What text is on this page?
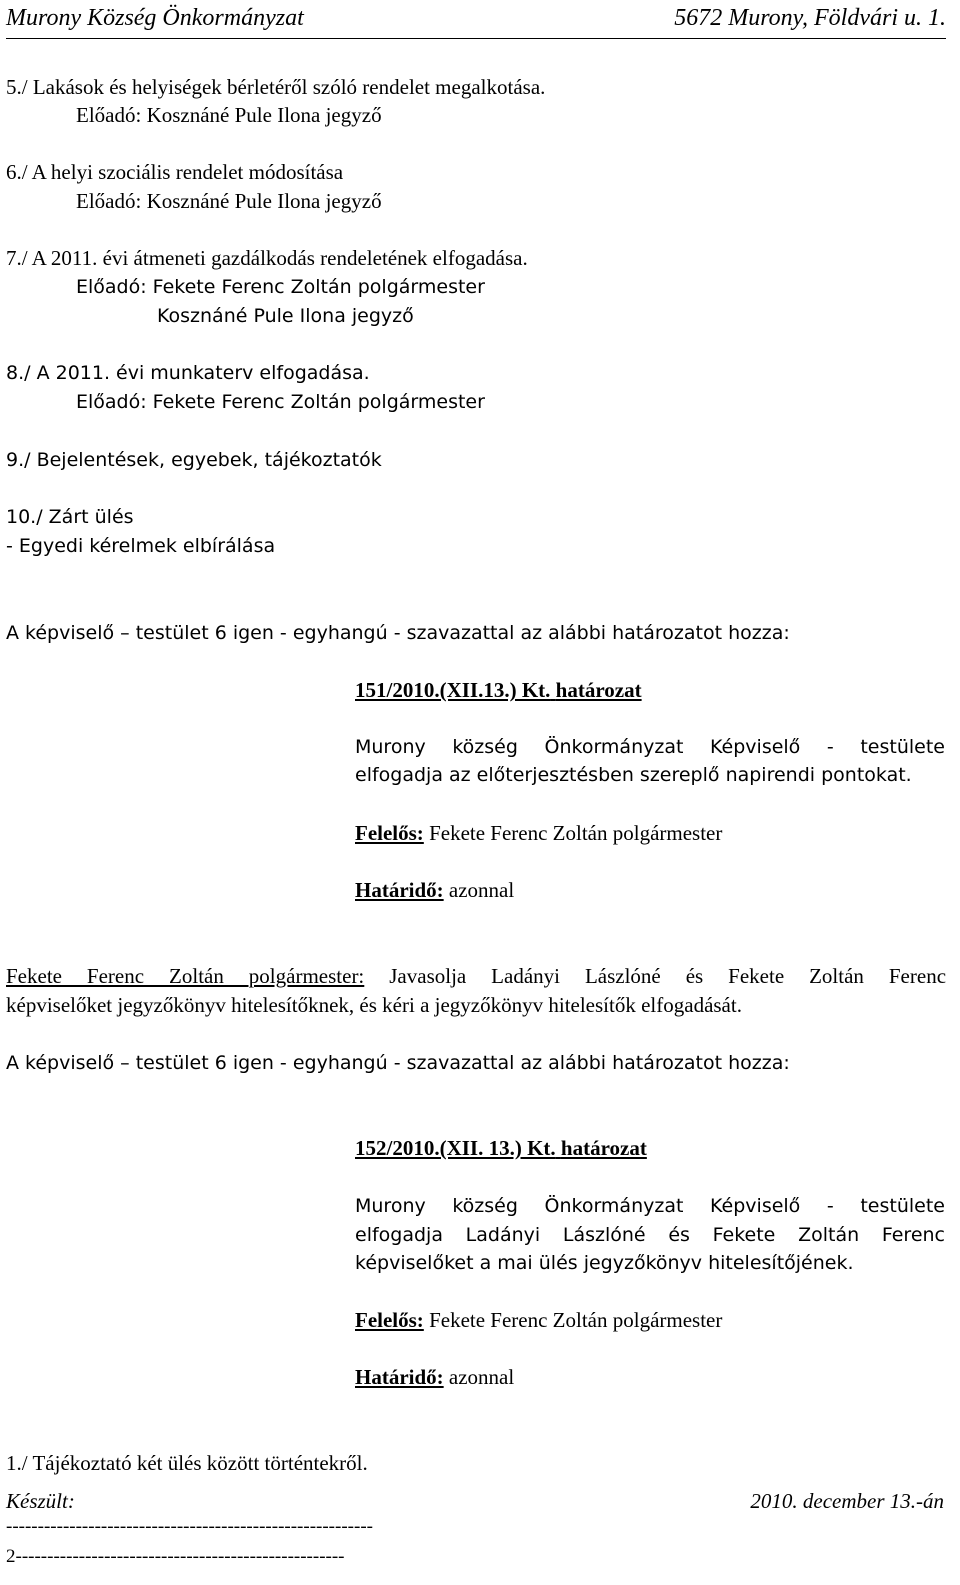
Murony Község Önkormányzat	5672 Murony, Földvári u. 1.
5./ Lakások és helyiségek bérletéről szóló rendelet megalkotása.
Előadó: Kosznáné Pule Ilona jegyző
6./ A helyi szociális rendelet módosítása
Előadó: Kosznáné Pule Ilona jegyző
7./ A 2011. évi átmeneti gazdálkodás rendeletének elfogadása.
Előadó: Fekete Ferenc Zoltán polgármester
Kosznáné Pule Ilona jegyző
8./ A 2011. évi munkaterv elfogadása.
Előadó: Fekete Ferenc Zoltán polgármester
9./ Bejelentések, egyebek, tájékoztatók
10./ Zárt ülés
- Egyedi kérelmek elbírálása
A képviselő – testület 6 igen - egyhangú - szavazattal az alábbi határozatot hozza:
151/2010.(XII.13.) Kt. határozat
Murony község Önkormányzat Képviselő - testülete
elfogadja az előterjesztésben szereplő napirendi pontokat.
Felelős: Fekete Ferenc Zoltán polgármester
Határidő: azonnal
Fekete Ferenc Zoltán polgármester: Javasolja Ladányi Lászlóné és Fekete Zoltán Ferenc
képviselőket jegyzőkönyv hitelesítőknek, és kéri a jegyzőkönyv hitelesítők elfogadását.
A képviselő – testület 6 igen - egyhangú - szavazattal az alábbi határozatot hozza:
152/2010.(XII. 13.) Kt. határozat
Murony község Önkormányzat Képviselő - testülete
elfogadja Ladányi Lászlóné és Fekete Zoltán Ferenc
képviselőket a mai ülés jegyzőkönyv hitelesítőjének.
Felelős: Fekete Ferenc Zoltán polgármester
Határidő: azonnal
1./ Tájékoztató két ülés között történtekről.
Készült:	2010. december 13.-án
----------------------------------------------------------
2----------------------------------------------------
